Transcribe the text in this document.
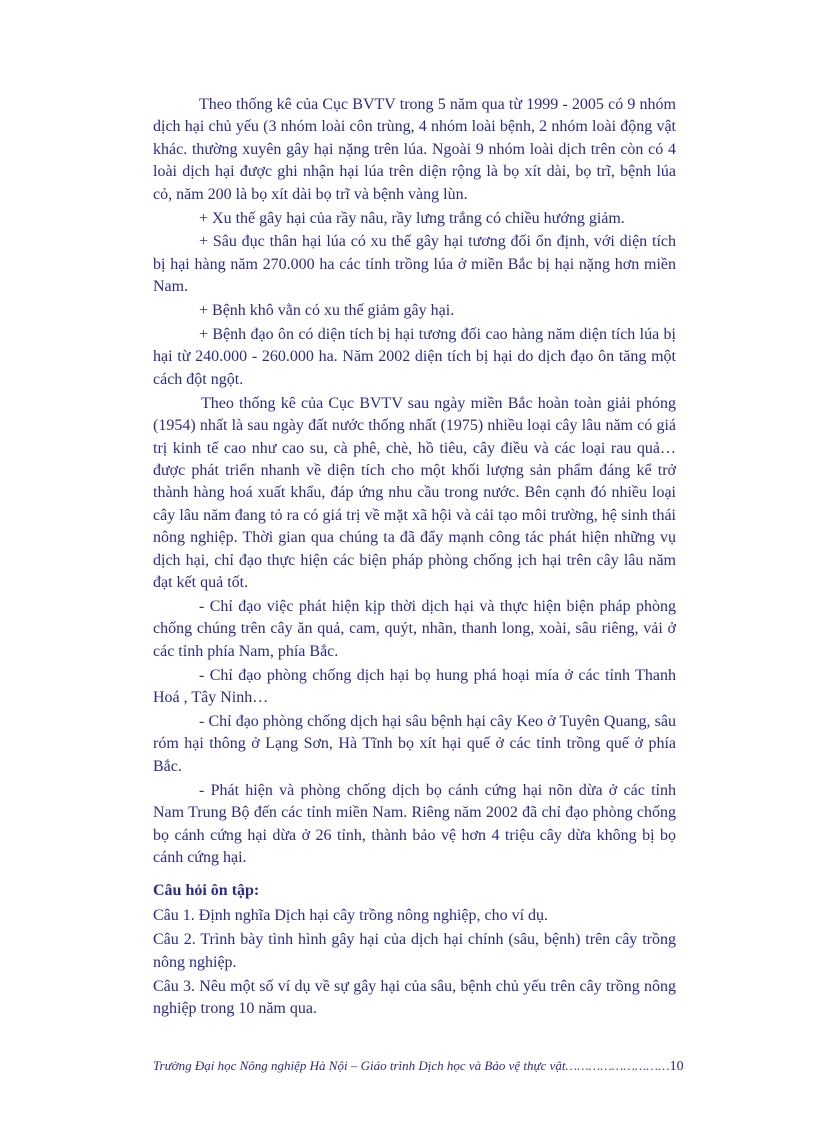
Theo thống kê của Cục BVTV trong 5 năm qua từ 1999 - 2005 có 9 nhóm dịch hại chủ yếu (3 nhóm loài côn trùng, 4 nhóm loài bệnh, 2 nhóm loài động vật khác. thường xuyên gây hại nặng trên lúa. Ngoài 9 nhóm loài dịch trên còn có 4 loài dịch hại được ghi nhận hại lúa trên diện rộng là bọ xít dài, bọ trĩ, bệnh lúa cỏ, năm 200 là bọ xít dài bọ trĩ và bệnh vàng lùn.

+ Xu thế gây hại của rầy nâu, rầy lưng trắng có chiều hướng giảm.

+ Sâu đục thân hại lúa có xu thế gây hại tương đối ổn định, với diện tích bị hại hàng năm 270.000 ha các tỉnh trồng lúa ở miền Bắc bị hại nặng hơn miền Nam.

+ Bệnh khô vằn có xu thế giảm gây hại.

+ Bệnh đạo ôn có diện tích bị hại tương đối cao hàng năm diện tích lúa bị hại từ 240.000 - 260.000 ha. Năm 2002 diện tích bị hại do dịch đạo ôn tăng một cách đột ngột.

Theo thống kê của Cục BVTV sau ngày miền Bắc hoàn toàn giải phóng (1954) nhất là sau ngày đất nước thống nhất (1975) nhiều loại cây lâu năm có giá trị kinh tế cao như cao su, cà phê, chè, hồ tiêu, cây điều và các loại rau quả… được phát triển nhanh về diện tích cho một khối lượng sản phẩm đáng kể trở thành hàng hoá xuất khẩu, đáp ứng nhu cầu trong nước. Bên cạnh đó nhiều loại cây lâu năm đang tỏ ra có giá trị về mặt xã hội và cải tạo môi trường, hệ sinh thái nông nghiệp. Thời gian qua chúng ta đã đẩy mạnh công tác phát hiện những vụ dịch hại, chỉ đạo thực hiện các biện pháp phòng chống ịch hại trên cây lâu năm đạt kết quả tốt.

- Chỉ đạo việc phát hiện kịp thời dịch hại và thực hiện biện pháp phòng chống chúng trên cây ăn quả, cam, quýt, nhãn, thanh long, xoài, sâu riêng, vải ở các tỉnh phía Nam, phía Bắc.

- Chỉ đạo phòng chống dịch hại bọ hung phá hoại mía ở các tỉnh Thanh Hoá , Tây Ninh…

- Chỉ đạo phòng chống dịch hại sâu bệnh hại cây Keo ở Tuyên Quang, sâu róm hại thông ở Lạng Sơn, Hà Tĩnh bọ xít hại quế ở các tỉnh trồng quế ở phía Bắc.

- Phát hiện và phòng chống dịch bọ cánh cứng hại nõn dừa ở các tỉnh Nam Trung Bộ đến các tỉnh miền Nam. Riêng năm 2002 đã chỉ đạo phòng chống bọ cánh cứng hại dừa ở 26 tỉnh, thành bảo vệ hơn 4 triệu cây dừa không bị bọ cánh cứng hại.

Câu hỏi ôn tập:

Câu 1. Định nghĩa Dịch hại cây trồng nông nghiệp, cho ví dụ.

Câu 2. Trình bày tình hình gây hại của dịch hại chính (sâu, bệnh) trên cây trồng nông nghiệp.

Câu 3. Nêu một số ví dụ về sự gây hại của sâu, bệnh chủ yếu trên cây trồng nông nghiệp trong 10 năm qua.

Trường Đại học Nông nghiệp Hà Nội – Giáo trình Dịch học và Bảo vệ thực vật………………………10
